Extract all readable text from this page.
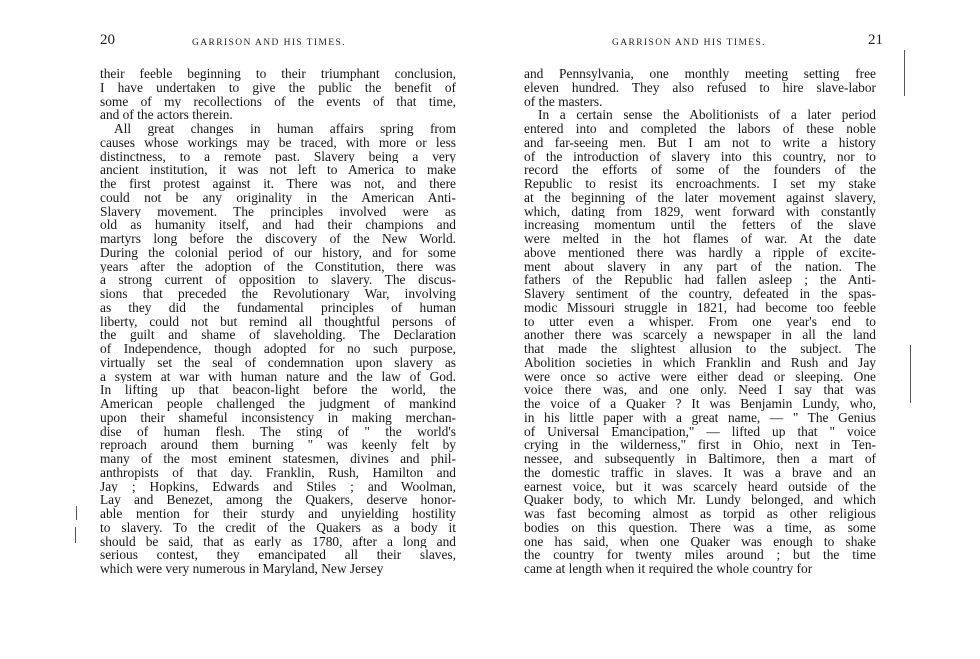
20	GARRISON AND HIS TIMES.
their feeble beginning to their triumphant conclusion,
I have undertaken to give the public the benefit of
some of my recollections of the events of that time,
and of the actors therein.
All great changes in human affairs spring from
causes whose workings may be traced, with more or less
distinctness, to a remote past. Slavery being a very
ancient institution, it was not left to America to make
the first protest against it. There was not, and there
could not be any originality in the American Anti-
Slavery movement. The principles involved were as
old as humanity itself, and had their champions and
martyrs long before the discovery of the New World.
During the colonial period of our history, and for some
years after the adoption of the Constitution, there was
a strong current of opposition to slavery. The discus-
sions that preceded the Revolutionary War, involving
as they did the fundamental principles of human
liberty, could not but remind all thoughtful persons of
the guilt and shame of slaveholding. The Declaration
of Independence, though adopted for no such purpose,
virtually set the seal of condemnation upon slavery as
a system at war with human nature and the law of God.
In lifting up that beacon-light before the world, the
American people challenged the judgment of mankind
upon their shameful inconsistency in making merchan-
dise of human flesh. The sting of " the world's
reproach around them burning " was keenly felt by
many of the most eminent statesmen, divines and phil-
anthropists of that day. Franklin, Rush, Hamilton and
Jay ; Hopkins, Edwards and Stiles ; and Woolman,
Lay and Benezet, among the Quakers, deserve honor-
able mention for their sturdy and unyielding hostility
to slavery. To the credit of the Quakers as a body it
should be said, that as early as 1780, after a long and
serious contest, they emancipated all their slaves,
which were very numerous in Maryland, New Jersey
GARRISON AND HIS TIMES.	21
and Pennsylvania, one monthly meeting setting free
eleven hundred. They also refused to hire slave-labor
of the masters.
In a certain sense the Abolitionists of a later period
entered into and completed the labors of these noble
and far-seeing men. But I am not to write a history
of the introduction of slavery into this country, nor to
record the efforts of some of the founders of the
Republic to resist its encroachments. I set my stake
at the beginning of the later movement against slavery,
which, dating from 1829, went forward with constantly
increasing momentum until the fetters of the slave
were melted in the hot flames of war. At the date
above mentioned there was hardly a ripple of excite-
ment about slavery in any part of the nation. The
fathers of the Republic had fallen asleep ; the Anti-
Slavery sentiment of the country, defeated in the spas-
modic Missouri struggle in 1821, had become too feeble
to utter even a whisper. From one year's end to
another there was scarcely a newspaper in all the land
that made the slightest allusion to the subject. The
Abolition societies in which Franklin and Rush and Jay
were once so active were either dead or sleeping. One
voice there was, and one only. Need I say that was
the voice of a Quaker ? It was Benjamin Lundy, who,
in his little paper with a great name, — " The Genius
of Universal Emancipation," — lifted up that " voice
crying in the wilderness," first in Ohio, next in Ten-
nessee, and subsequently in Baltimore, then a mart of
the domestic traffic in slaves. It was a brave and an
earnest voice, but it was scarcely heard outside of the
Quaker body, to which Mr. Lundy belonged, and which
was fast becoming almost as torpid as other religious
bodies on this question. There was a time, as some
one has said, when one Quaker was enough to shake
the country for twenty miles around ; but the time
came at length when it required the whole country for
